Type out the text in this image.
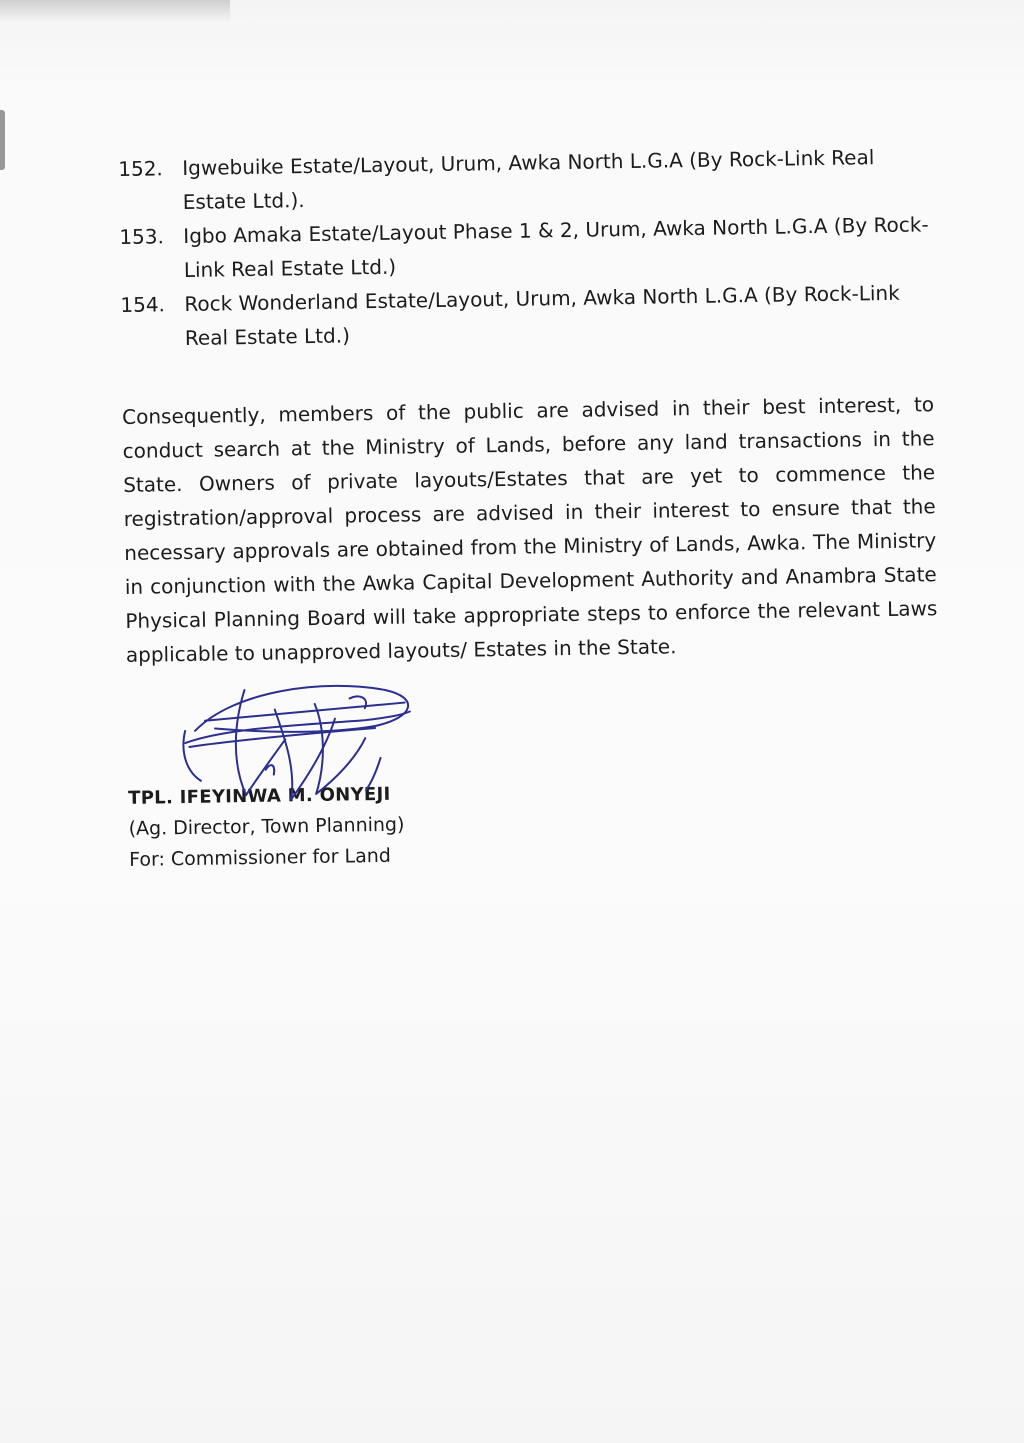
152. Igwebuike Estate/Layout, Urum, Awka North L.G.A (By Rock-Link Real Estate Ltd.).
153. Igbo Amaka Estate/Layout Phase 1 & 2, Urum, Awka North L.G.A (By Rock-Link Real Estate Ltd.)
154. Rock Wonderland Estate/Layout, Urum, Awka North L.G.A (By Rock-Link Real Estate Ltd.)

Consequently, members of the public are advised in their best interest, to conduct search at the Ministry of Lands, before any land transactions in the State. Owners of private layouts/Estates that are yet to commence the registration/approval process are advised in their interest to ensure that the necessary approvals are obtained from the Ministry of Lands, Awka. The Ministry in conjunction with the Awka Capital Development Authority and Anambra State Physical Planning Board will take appropriate steps to enforce the relevant Laws applicable to unapproved layouts/ Estates in the State.

TPL. IFEYINWA M. ONYEJI
(Ag. Director, Town Planning)
For: Commissioner for Land
